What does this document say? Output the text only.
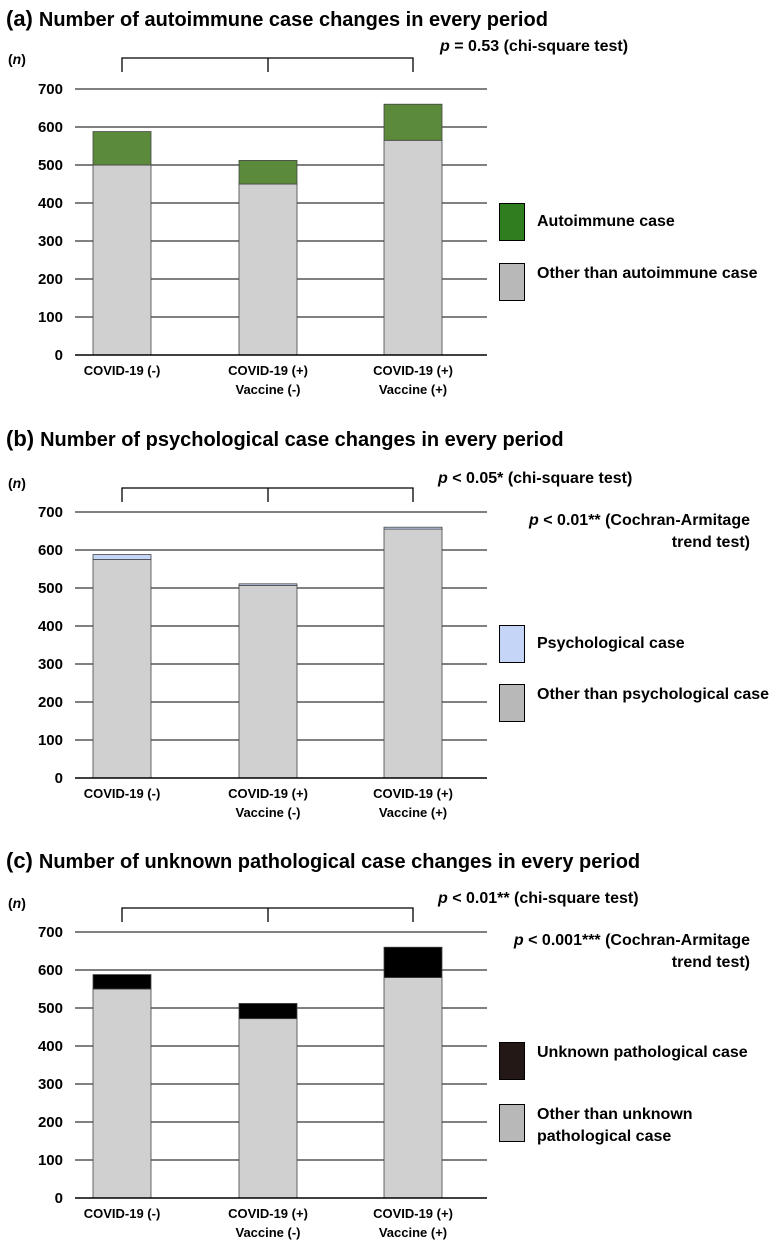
(a) Number of autoimmune case changes in every period
0
100
200
300
400
500
600
700
(n)
COVID-19 (-)	COVID-19 (+)
Vaccine (-)
COVID-19 (+)
Vaccine (+)
p = 0.53 (chi-square test)
Autoimmune case
Other than autoimmune case
(b) Number of psychological case changes in every period
0
100
200
300
400
500
600
700
(n)
COVID-19 (-)	COVID-19 (+)
Vaccine (-)
COVID-19 (+)
Vaccine (+)
p < 0.05* (chi-square test)
p < 0.01** (Cochran-Armitage trend test)
Psychological case
Other than psychological case
(c) Number of unknown pathological case changes in every period
0
100
200
300
400
500
600
700
(n)
COVID-19 (-)	COVID-19 (+)
Vaccine (-)
COVID-19 (+)
Vaccine (+)
p < 0.01** (chi-square test)
p < 0.001*** (Cochran-Armitage trend test)
Unknown pathological case
Other than unknown pathological case
